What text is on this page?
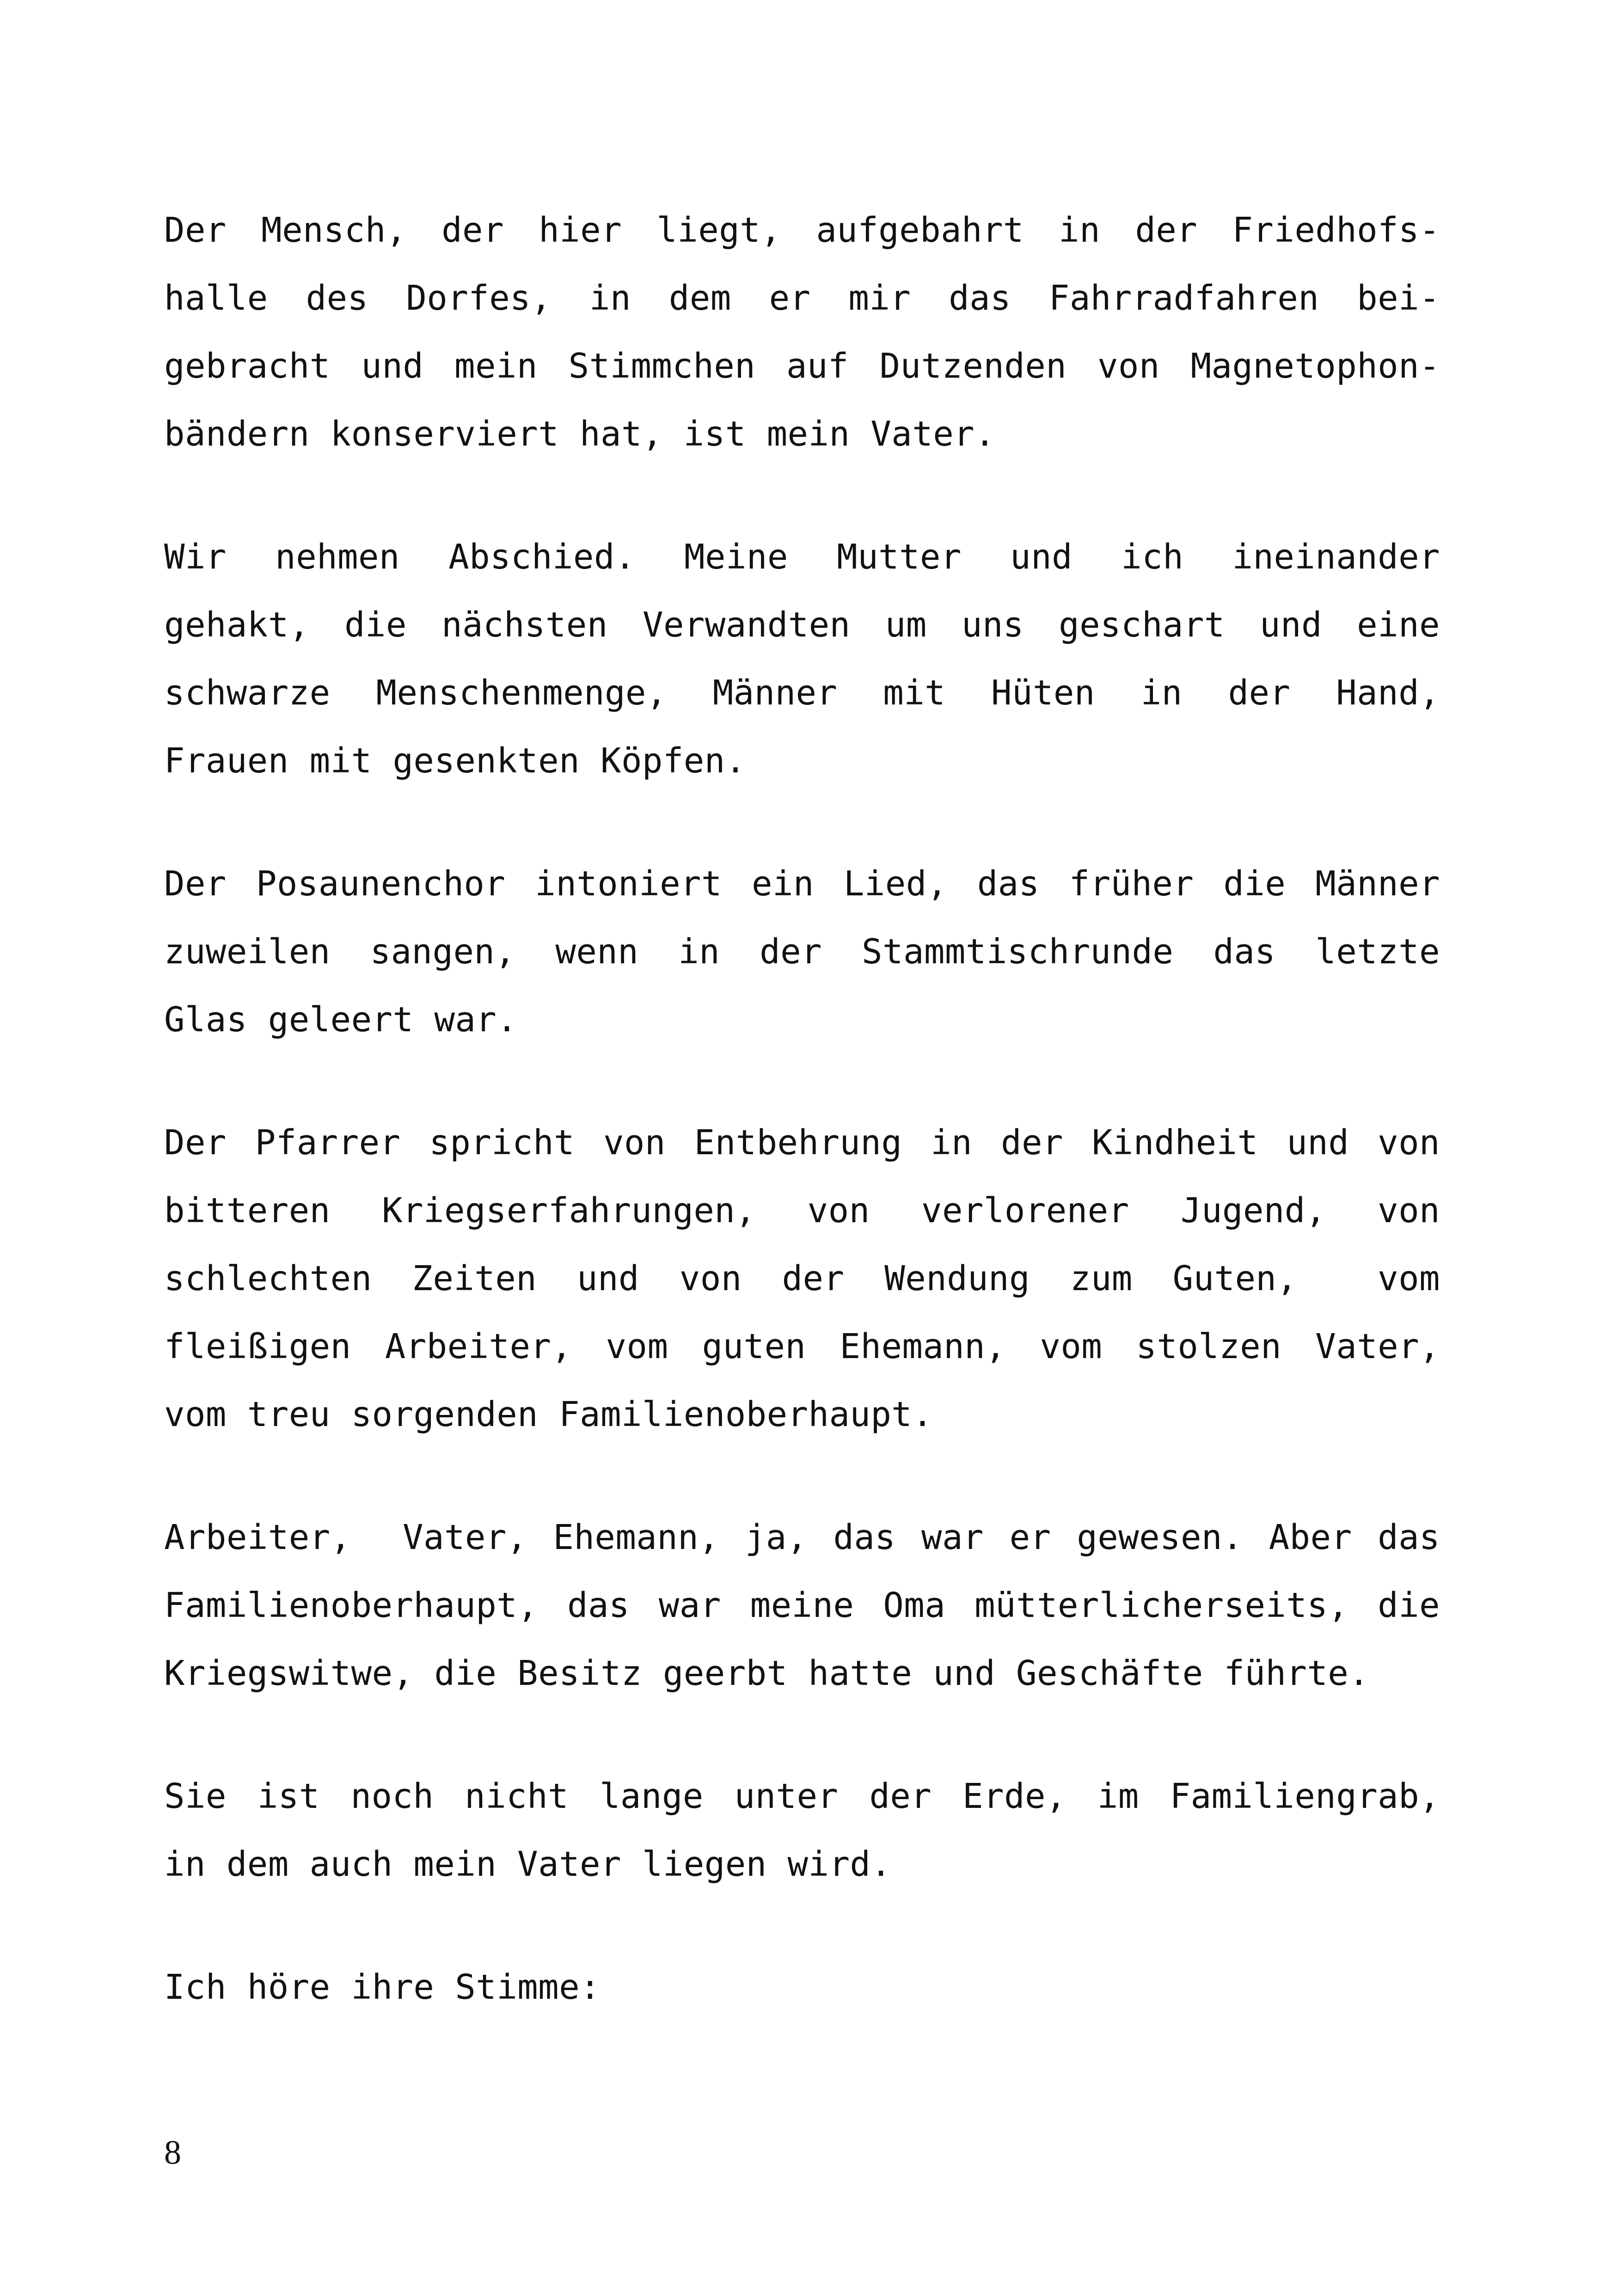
Der Mensch, der hier liegt, aufgebahrt in der Friedhofs-
halle des Dorfes, in dem er mir das Fahrradfahren bei-
gebracht und mein Stimmchen auf Dutzenden von Magnetophon-
bändern konserviert hat, ist mein Vater.

Wir nehmen Abschied. Meine Mutter und ich ineinander
gehakt, die nächsten Verwandten um uns geschart und eine
schwarze Menschenmenge, Männer mit Hüten in der Hand,
Frauen mit gesenkten Köpfen.

Der Posaunenchor intoniert ein Lied, das früher die Männer
zuweilen sangen, wenn in der Stammtischrunde das letzte
Glas geleert war.

Der Pfarrer spricht von Entbehrung in der Kindheit und von
bitteren Kriegserfahrungen, von verlorener Jugend, von
schlechten Zeiten und von der Wendung zum Guten,  vom
fleißigen Arbeiter, vom guten Ehemann, vom stolzen Vater,
vom treu sorgenden Familienoberhaupt.

Arbeiter,  Vater, Ehemann, ja, das war er gewesen. Aber das
Familienoberhaupt, das war meine Oma mütterlicherseits, die
Kriegswitwe, die Besitz geerbt hatte und Geschäfte führte.

Sie ist noch nicht lange unter der Erde, im Familiengrab,
in dem auch mein Vater liegen wird.

Ich höre ihre Stimme:

8
